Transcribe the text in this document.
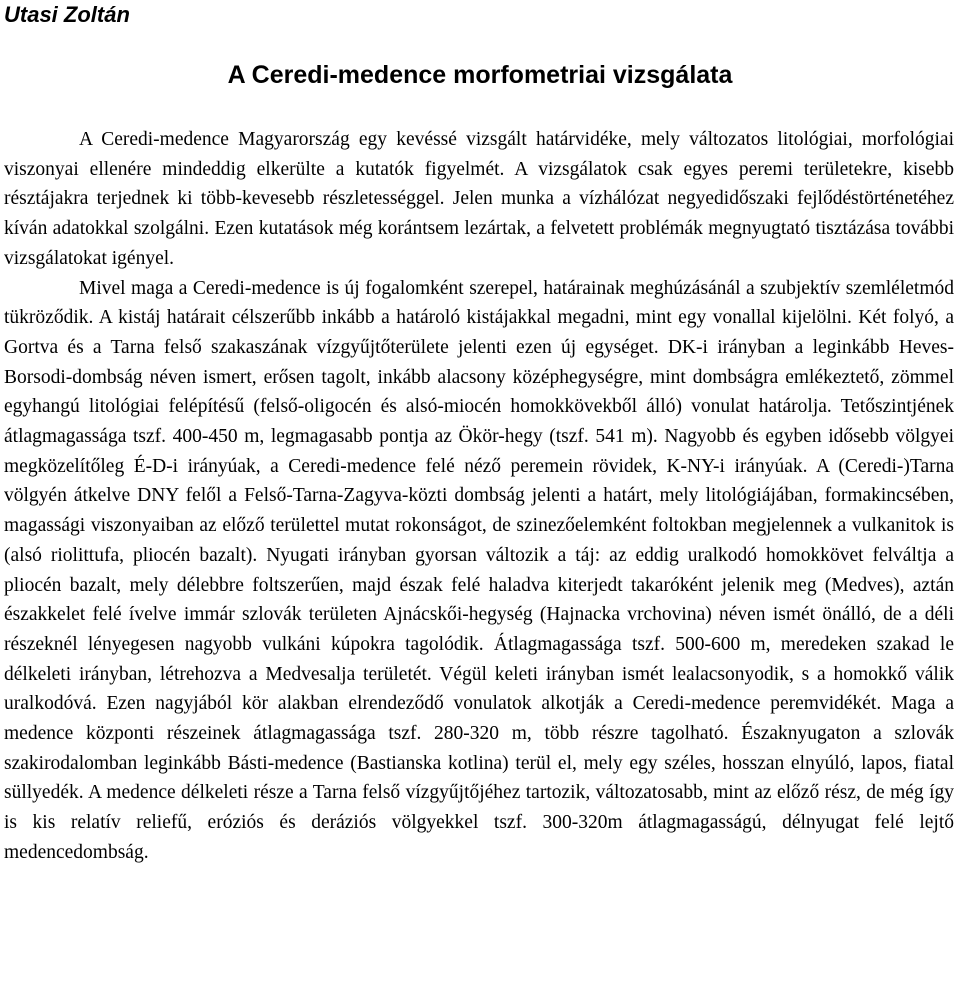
Utasi Zoltán
A Ceredi-medence morfometriai vizsgálata

A Ceredi-medence Magyarország egy kevéssé vizsgált határvidéke, mely változatos litológiai, morfológiai viszonyai ellenére mindeddig elkerülte a kutatók figyelmét. A vizsgálatok csak egyes peremi területekre, kisebb résztájakra terjednek ki több-kevesebb részletességgel. Jelen munka a vízhálózat negyedidőszaki fejlődéstörténetéhez kíván adatokkal szolgálni. Ezen kutatások még korántsem lezártak, a felvetett problémák megnyugtató tisztázása további vizsgálatokat igényel.

Mivel maga a Ceredi-medence is új fogalomként szerepel, határainak meghúzásánál a szubjektív szemléletmód tükröződik. A kistáj határait célszerűbb inkább a határoló kistájakkal megadni, mint egy vonallal kijelölni. Két folyó, a Gortva és a Tarna felső szakaszának vízgyűjtőterülete jelenti ezen új egységet. DK-i irányban a leginkább Heves-Borsodi-dombság néven ismert, erősen tagolt, inkább alacsony középhegységre, mint dombságra emlékeztető, zömmel egyhangú litológiai felépítésű (felső-oligocén és alsó-miocén homokkövekből álló) vonulat határolja. Tetőszintjének átlagmagassága tszf. 400-450 m, legmagasabb pontja az Ökör-hegy (tszf. 541 m). Nagyobb és egyben idősebb völgyei megközelítőleg É-D-i irányúak, a Ceredi-medence felé néző peremein rövidek, K-NY-i irányúak. A (Ceredi-)Tarna völgyén átkelve DNY felől a Felső-Tarna-Zagyva-közti dombság jelenti a határt, mely litológiájában, formakincsében, magassági viszonyaiban az előző területtel mutat rokonságot, de szinezőelemként foltokban megjelennek a vulkanitok is (alsó riolittufa, pliocén bazalt). Nyugati irányban gyorsan változik a táj: az eddig uralkodó homokkövet felváltja a pliocén bazalt, mely délebbre foltszerűen, majd észak felé haladva kiterjedt takaróként jelenik meg (Medves), aztán északkelet felé ívelve immár szlovák területen Ajnácskői-hegység (Hajnacka vrchovina) néven ismét önálló, de a déli részeknél lényegesen nagyobb vulkáni kúpokra tagolódik. Átlagmagassága tszf. 500-600 m, meredeken szakad le délkeleti irányban, létrehozva a Medvesalja területét. Végül keleti irányban ismét lealacsonyodik, s a homokkő válik uralkodóvá. Ezen nagyjából kör alakban elrendeződő vonulatok alkotják a Ceredi-medence peremvidékét. Maga a medence központi részeinek átlagmagassága tszf. 280-320 m, több részre tagolható. Északnyugaton a szlovák szakirodalomban leginkább Básti-medence (Bastianska kotlina) terül el, mely egy széles, hosszan elnyúló, lapos, fiatal süllyedék. A medence délkeleti része a Tarna felső vízgyűjtőjéhez tartozik, változatosabb, mint az előző rész, de még így is kis relatív reliefű, eróziós és deráziós völgyekkel tszf. 300-320m átlagmagasságú, délnyugat felé lejtő medencedombság.
